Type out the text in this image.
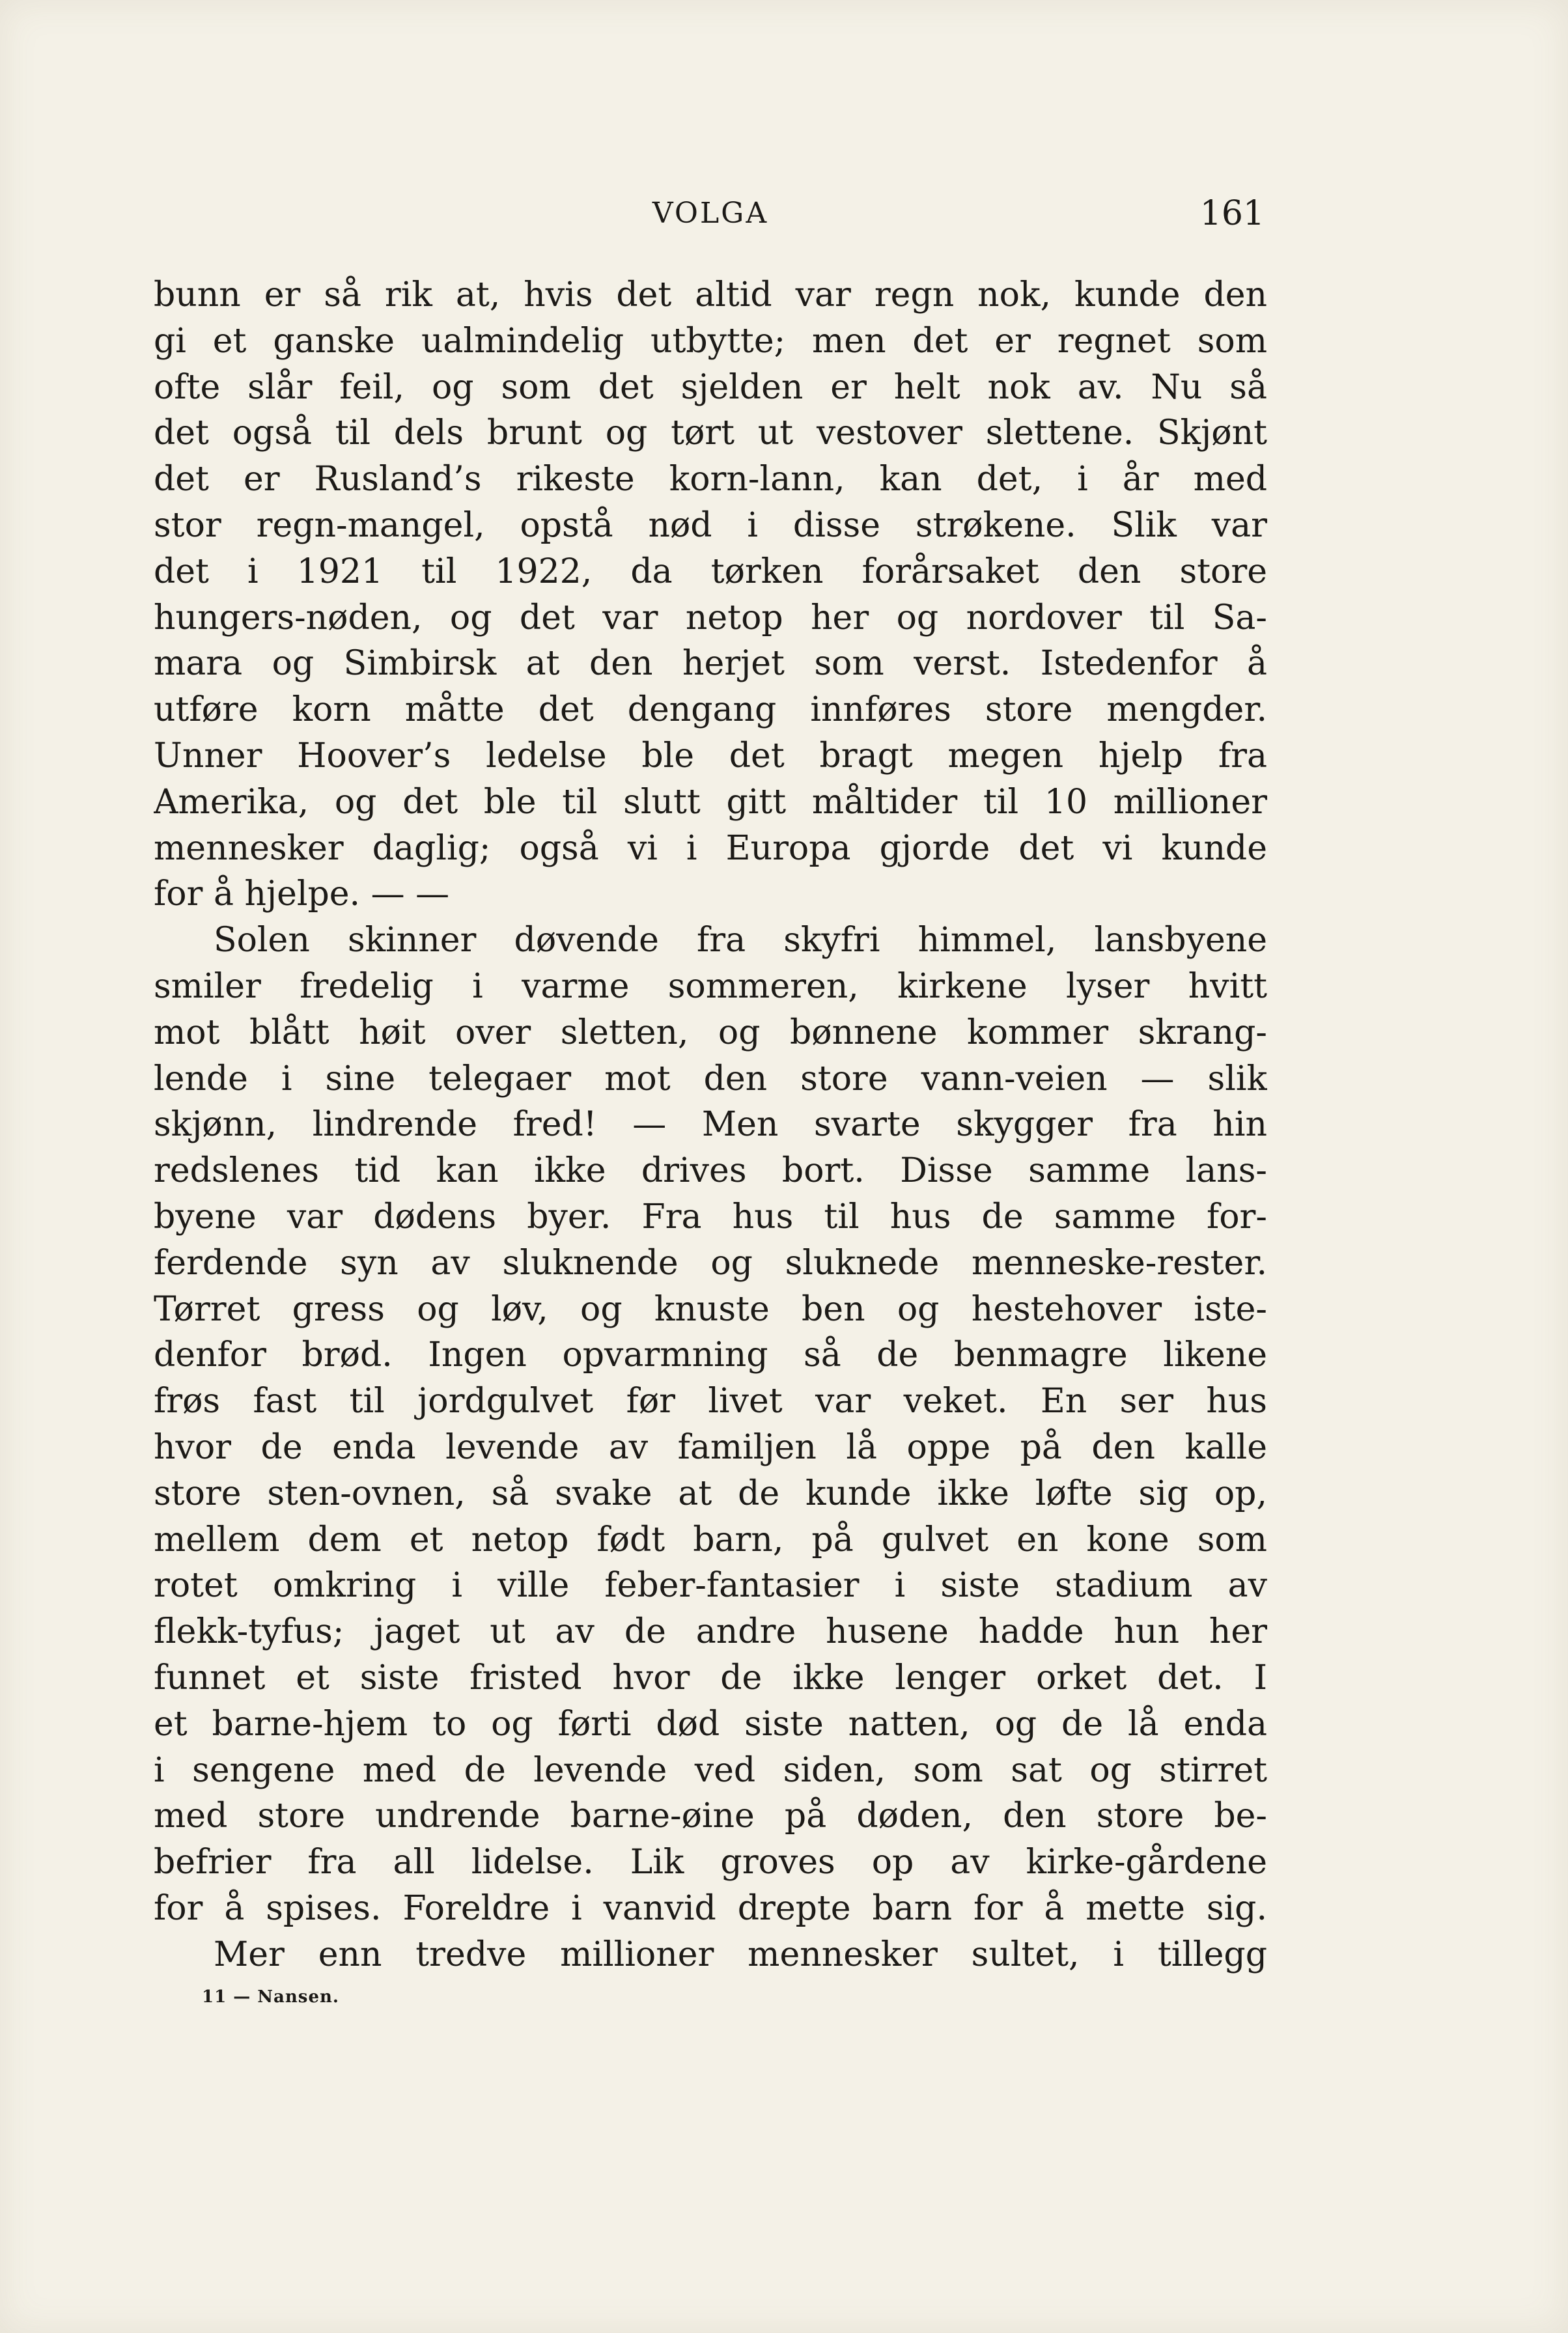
VOLGA	161
bunn er så rik at, hvis det altid var regn nok, kunde den
gi et ganske ualmindelig utbytte; men det er regnet som
ofte slår feil, og som det sjelden er helt nok av. Nu så
det også til dels brunt og tørt ut vestover slettene. Skjønt
det er Rusland’s rikeste korn-lann, kan det, i år med
stor regn-mangel, opstå nød i disse strøkene. Slik var
det i 1921 til 1922, da tørken forårsaket den store
hungers-nøden, og det var netop her og nordover til Sa-
mara og Simbirsk at den herjet som verst. Istedenfor å
utføre korn måtte det dengang innføres store mengder.
Unner Hoover’s ledelse ble det bragt megen hjelp fra
Amerika, og det ble til slutt gitt måltider til 10 millioner
mennesker daglig; også vi i Europa gjorde det vi kunde
for å hjelpe. — —
Solen skinner døvende fra skyfri himmel, lansbyene
smiler fredelig i varme sommeren, kirkene lyser hvitt
mot blått høit over sletten, og bønnene kommer skrang-
lende i sine telegaer mot den store vann-veien — slik
skjønn, lindrende fred! — Men svarte skygger fra hin
redslenes tid kan ikke drives bort. Disse samme lans-
byene var dødens byer. Fra hus til hus de samme for-
ferdende syn av sluknende og sluknede menneske-rester.
Tørret gress og løv, og knuste ben og hestehover iste-
denfor brød. Ingen opvarmning så de benmagre likene
frøs fast til jordgulvet før livet var veket. En ser hus
hvor de enda levende av familjen lå oppe på den kalle
store sten-ovnen, så svake at de kunde ikke løfte sig op,
mellem dem et netop født barn, på gulvet en kone som
rotet omkring i ville feber-fantasier i siste stadium av
flekk-tyfus; jaget ut av de andre husene hadde hun her
funnet et siste fristed hvor de ikke lenger orket det. I
et barne-hjem to og førti død siste natten, og de lå enda
i sengene med de levende ved siden, som sat og stirret
med store undrende barne-øine på døden, den store be-
befrier fra all lidelse. Lik groves op av kirke-gårdene
for å spises. Foreldre i vanvid drepte barn for å mette sig.
Mer enn tredve millioner mennesker sultet, i tillegg
11 — Nansen.
